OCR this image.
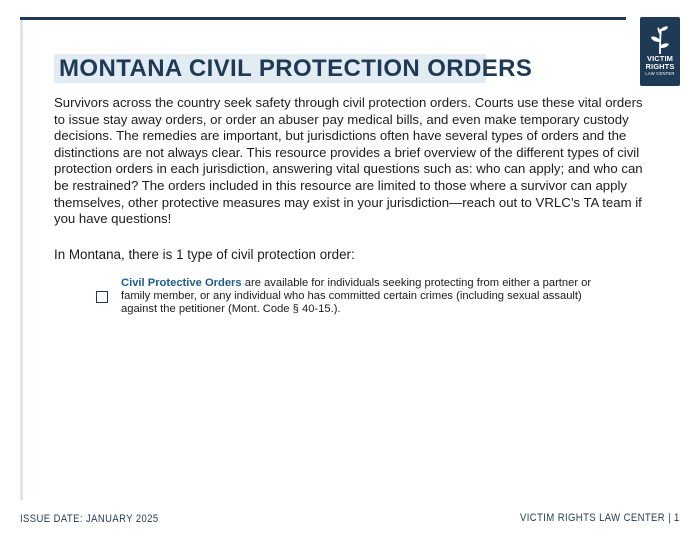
VICTIM
RIGHTS
LAW CENTER
MONTANA CIVIL PROTECTION ORDERS

Survivors across the country seek safety through civil protection orders. Courts use these vital orders to issue stay away orders, or order an abuser pay medical bills, and even make temporary custody decisions. The remedies are important, but jurisdictions often have several types of orders and the distinctions are not always clear. This resource provides a brief overview of the different types of civil protection orders in each jurisdiction, answering vital questions such as: who can apply; and who can be restrained? The orders included in this resource are limited to those where a survivor can apply themselves, other protective measures may exist in your jurisdiction—reach out to VRLC’s TA team if you have questions!

In Montana, there is 1 type of civil protection order:

Civil Protective Orders are available for individuals seeking protecting from either a partner or family member, or any individual who has committed certain crimes (including sexual assault) against the petitioner (Mont. Code § 40-15.).

ISSUE DATE: JANUARY 2025	VICTIM RIGHTS LAW CENTER | 1
